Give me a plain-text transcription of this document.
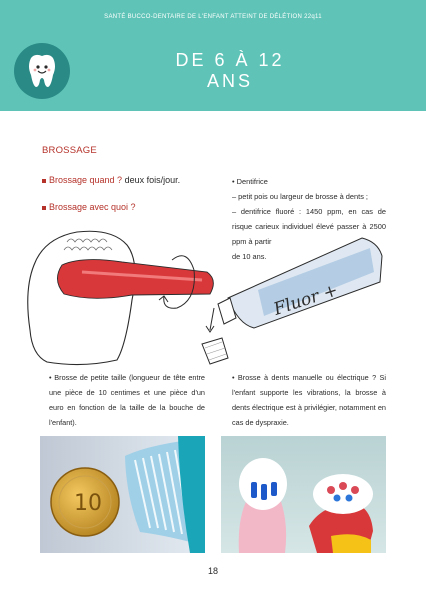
SANTÉ BUCCO-DENTAIRE DE L'ENFANT ATTEINT DE DÉLÉTION 22q11
DE 6 À 12 ANS
BROSSAGE
Brossage quand ? deux fois/jour.
Brossage avec quoi ?
• Dentifrice
– petit pois ou largeur de brosse à dents ;
– dentifrice fluoré : 1450 ppm, en cas de risque carieux individuel élevé passer à 2500 ppm à partir
de 10 ans.
Fluor +
• Brosse de petite taille (longueur de tête entre une pièce de 10 centimes et une pièce d'un euro en fonction de la taille de la bouche de l'enfant).
• Brosse à dents manuelle ou électrique ? Si l'enfant supporte les vibrations, la brosse à dents électrique est à privilégier, notamment en cas de dyspraxie.
10
18
